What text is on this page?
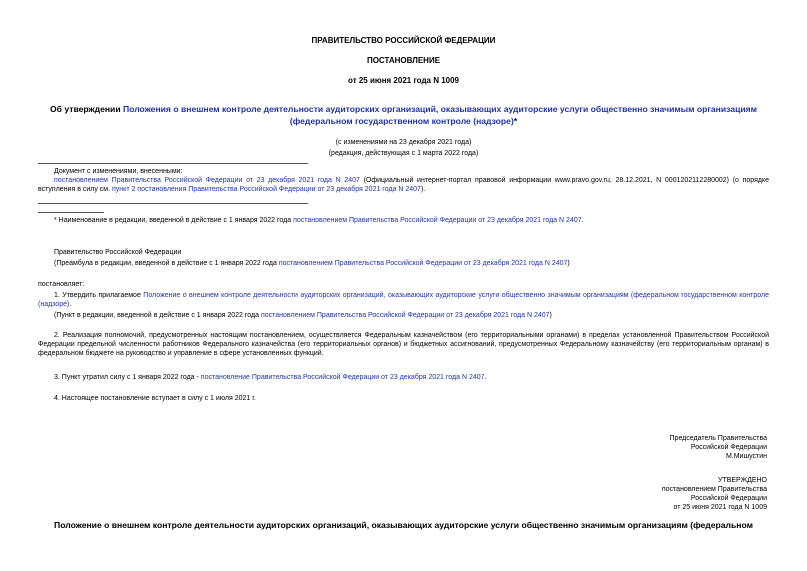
ПРАВИТЕЛЬСТВО РОССИЙСКОЙ ФЕДЕРАЦИИ
ПОСТАНОВЛЕНИЕ
от 25 июня 2021 года N 1009
Об утверждении Положения о внешнем контроле деятельности аудиторских организаций, оказывающих аудиторские услуги общественно значимым организациям (федеральном государственном контроле (надзоре)*
(с изменениями на 23 декабря 2021 года)
(редакция, действующая с 1 марта 2022 года)
Документ с изменениями, внесенными:
постановлением Правительства Российской Федерации от 23 декабря 2021 года N 2407 (Официальный интернет-портал правовой информации www.pravo.gov.ru, 28.12.2021, N 0001202112280002) (о порядке вступления в силу см. пункт 2 постановления Правительства Российской Федерации от 23 декабря 2021 года N 2407).
* Наименование в редакции, введенной в действие с 1 января 2022 года постановлением Правительства Российской Федерации от 23 декабря 2021 года N 2407.
Правительство Российской Федерации
(Преамбула в редакции, введенной в действие с 1 января 2022 года постановлением Правительства Российской Федерации от 23 декабря 2021 года N 2407)
постановляет:
1. Утвердить прилагаемое Положение о внешнем контроле деятельности аудиторских организаций, оказывающих аудиторские услуги общественно значимым организациям (федеральном государственном контроле (надзоре).
(Пункт в редакции, введенной в действие с 1 января 2022 года постановлением Правительства Российской Федерации от 23 декабря 2021 года N 2407)
2. Реализация полномочий, предусмотренных настоящим постановлением, осуществляется Федеральным казначейством (его территориальными органами) в пределах установленной Правительством Российской Федерации предельной численности работников Федерального казначейства (его территориальных органов) и бюджетных ассигнований, предусмотренных Федеральному казначейству (его территориальным органам) в федеральном бюджете на руководство и управление в сфере установленных функций.
3. Пункт утратил силу с 1 января 2022 года - постановление Правительства Российской Федерации от 23 декабря 2021 года N 2407.
4. Настоящее постановление вступает в силу с 1 июля 2021 г.
Председатель Правительства
Российской Федерации
М.Мишустин
УТВЕРЖДЕНО
постановлением Правительства
Российской Федерации
от 25 июня 2021 года N 1009
Положение о внешнем контроле деятельности аудиторских организаций, оказывающих аудиторские услуги общественно значимым организациям (федеральном
